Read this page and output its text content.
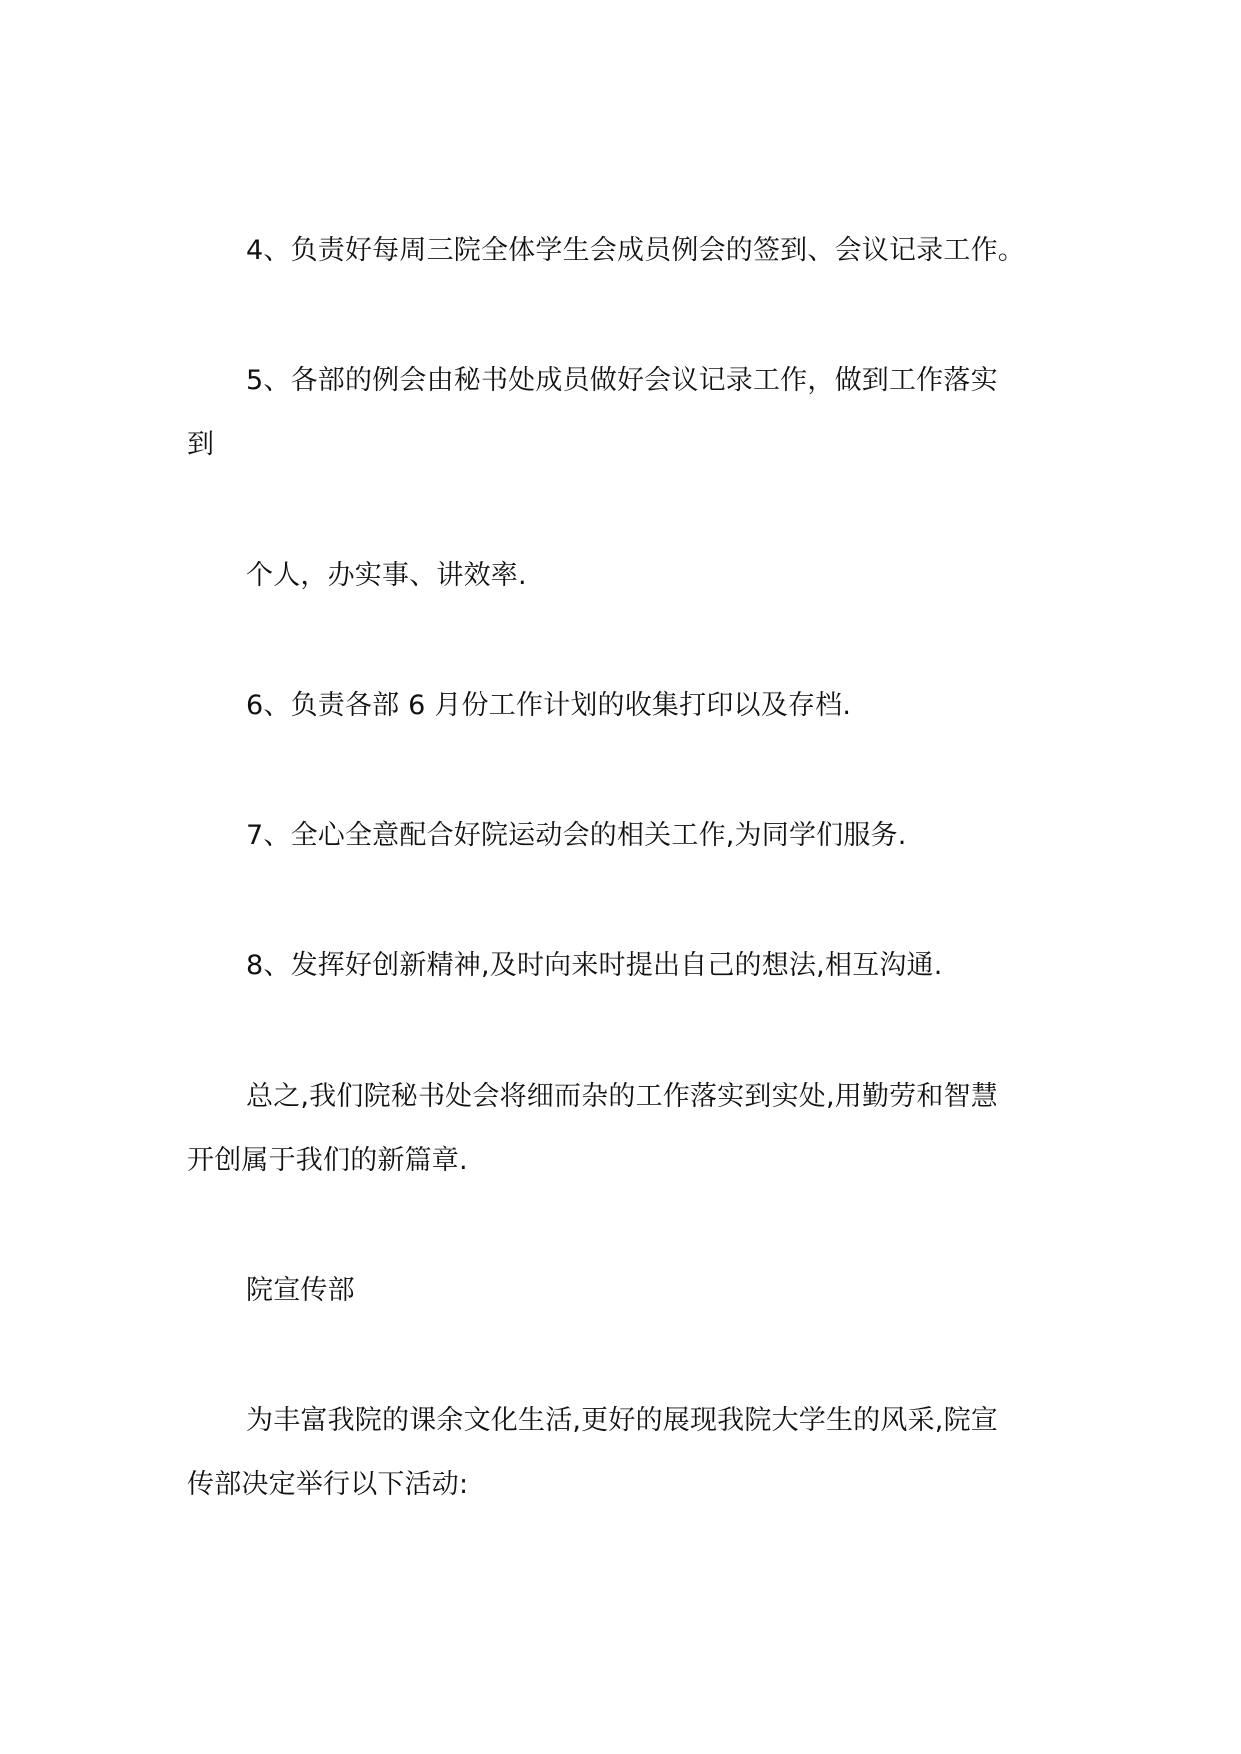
4、负责好每周三院全体学生会成员例会的签到、会议记录工作。
5、各部的例会由秘书处成员做好会议记录工作，做到工作落实
到
个人，办实事、讲效率.
6、负责各部 6 月份工作计划的收集打印以及存档.
7、全心全意配合好院运动会的相关工作,为同学们服务.
8、发挥好创新精神,及时向来时提出自己的想法,相互沟通.
总之,我们院秘书处会将细而杂的工作落实到实处,用勤劳和智慧
开创属于我们的新篇章.
院宣传部
为丰富我院的课余文化生活,更好的展现我院大学生的风采,院宣
传部决定举行以下活动:
